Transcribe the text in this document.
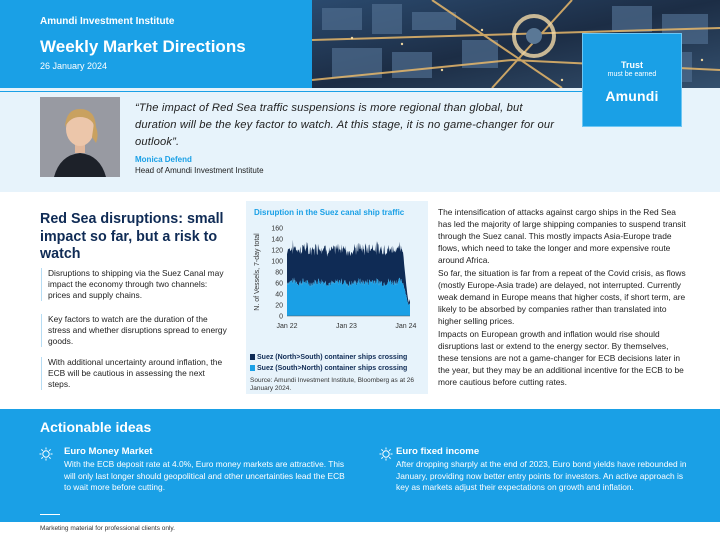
Amundi Investment Institute
Weekly Market Directions
26 January 2024	Trust
must be earned
Amundi
“The impact of Red Sea traffic suspensions is more regional than global, but duration will be the key factor to watch. At this stage, it is no game-changer for our outlook”.
Monica Defend
Head of Amundi Investment Institute
Red Sea disruptions: small impact so far, but a risk to watch
Disruptions to shipping via the Suez Canal may impact the economy through two channels: prices and supply chains.
Key factors to watch are the duration of the stress and whether disruptions spread to energy goods.
With additional uncertainty around inflation, the ECB will be cautious in assessing the next steps.
Disruption in the Suez canal ship traffic
0
20
40
60
80
100
120
140
160
N. of Vessels, 7-day total
Jan 22	Jan 23	Jan 24
Suez (North>South) container ships crossing
Suez (South>North) container ships crossing
Source: Amundi Investment Institute, Bloomberg as at 26 January 2024.

The intensification of attacks against cargo ships in the Red Sea has led the majority of large shipping companies to suspend transit through the Suez canal. This mostly impacts Asia-Europe trade flows, which need to take the longer and more expensive route around Africa.

So far, the situation is far from a repeat of the Covid crisis, as flows (mostly Europe-Asia trade) are delayed, not interrupted. Currently weak demand in Europe means that higher costs, if short term, are likely to be absorbed by companies rather than translated into higher selling prices.

Impacts on European growth and inflation would rise should disruptions last or extend to the energy sector. By themselves, these tensions are not a game-changer for ECB decisions later in the year, but they may be an additional incentive for the ECB to be more cautious before cutting rates.

Actionable ideas
Euro Money Market
With the ECB deposit rate at 4.0%, Euro money markets are attractive. This will only last longer should geopolitical and other uncertainties lead the ECB to wait more before cutting.
Euro fixed income
After dropping sharply at the end of 2023, Euro bond yields have rebounded in January, providing now better entry points for investors. An active approach is key as markets adjust their expectations on growth and inflation.
Marketing material for professional clients only.
